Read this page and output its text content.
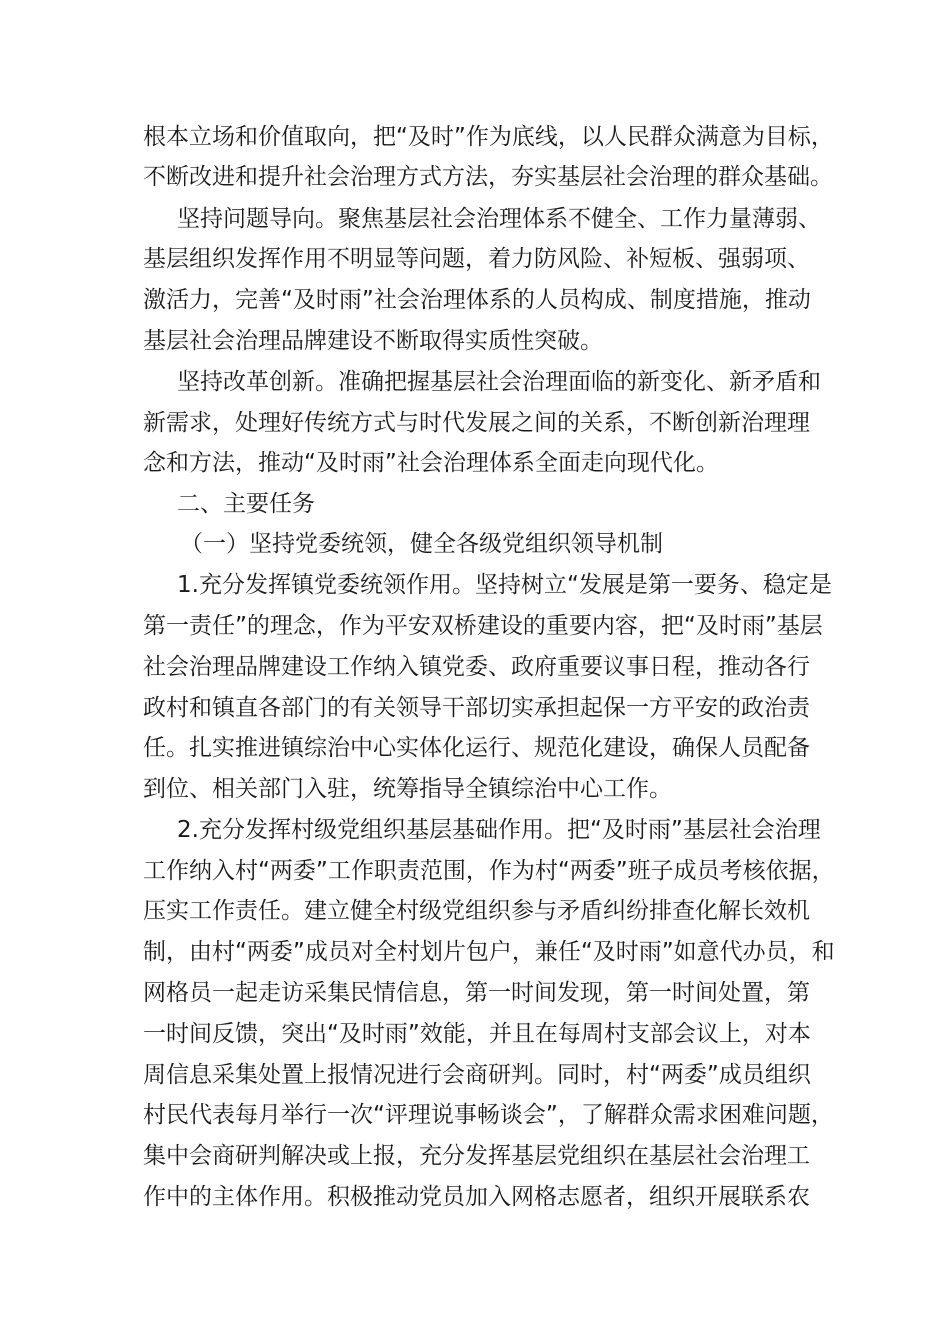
根本立场和价值取向，把“及时”作为底线，以人民群众满意为目标，
不断改进和提升社会治理方式方法，夯实基层社会治理的群众基础。
坚持问题导向。聚焦基层社会治理体系不健全、工作力量薄弱、
基层组织发挥作用不明显等问题，着力防风险、补短板、强弱项、
激活力，完善“及时雨”社会治理体系的人员构成、制度措施，推动
基层社会治理品牌建设不断取得实质性突破。
坚持改革创新。准确把握基层社会治理面临的新变化、新矛盾和
新需求，处理好传统方式与时代发展之间的关系，不断创新治理理
念和方法，推动“及时雨”社会治理体系全面走向现代化。
二、主要任务
（一）坚持党委统领，健全各级党组织领导机制
1.充分发挥镇党委统领作用。坚持树立“发展是第一要务、稳定是
第一责任”的理念，作为平安双桥建设的重要内容，把“及时雨”基层
社会治理品牌建设工作纳入镇党委、政府重要议事日程，推动各行
政村和镇直各部门的有关领导干部切实承担起保一方平安的政治责
任。扎实推进镇综治中心实体化运行、规范化建设，确保人员配备
到位、相关部门入驻，统筹指导全镇综治中心工作。
2.充分发挥村级党组织基层基础作用。把“及时雨”基层社会治理
工作纳入村“两委”工作职责范围，作为村“两委”班子成员考核依据，
压实工作责任。建立健全村级党组织参与矛盾纠纷排查化解长效机
制，由村“两委”成员对全村划片包户，兼任“及时雨”如意代办员，和
网格员一起走访采集民情信息，第一时间发现，第一时间处置，第
一时间反馈，突出“及时雨”效能，并且在每周村支部会议上，对本
周信息采集处置上报情况进行会商研判。同时，村“两委”成员组织
村民代表每月举行一次“评理说事畅谈会”，了解群众需求困难问题，
集中会商研判解决或上报，充分发挥基层党组织在基层社会治理工
作中的主体作用。积极推动党员加入网格志愿者，组织开展联系农
